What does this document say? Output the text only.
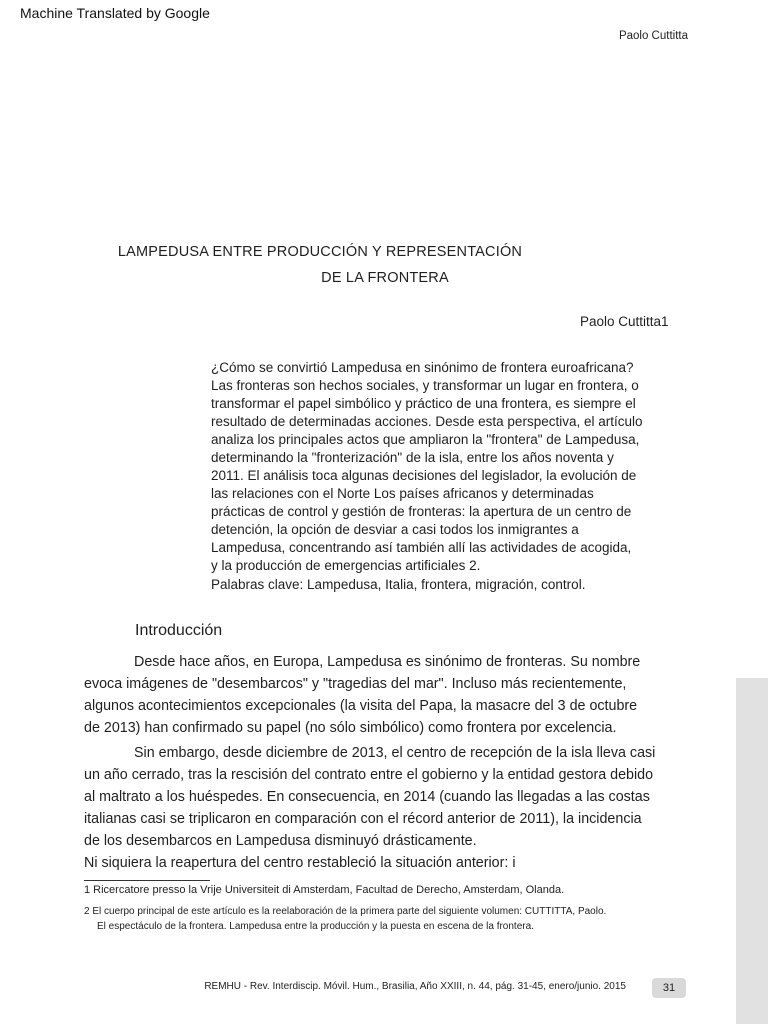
Machine Translated by Google
Paolo Cuttitta
LAMPEDUSA ENTRE PRODUCCIÓN Y REPRESENTACIÓN
DE LA FRONTERA
Paolo Cuttitta1
¿Cómo se convirtió Lampedusa en sinónimo de frontera euroafricana?
Las fronteras son hechos sociales, y transformar un lugar en frontera, o
transformar el papel simbólico y práctico de una frontera, es siempre el
resultado de determinadas acciones. Desde esta perspectiva, el artículo
analiza los principales actos que ampliaron la "frontera" de Lampedusa,
determinando la "fronterización" de la isla, entre los años noventa y
2011. El análisis toca algunas decisiones del legislador, la evolución de
las relaciones con el Norte Los países africanos y determinadas
prácticas de control y gestión de fronteras: la apertura de un centro de
detención, la opción de desviar a casi todos los inmigrantes a
Lampedusa, concentrando así también allí las actividades de acogida,
y la producción de emergencias artificiales 2.
Palabras clave: Lampedusa, Italia, frontera, migración, control.
Introducción
Desde hace años, en Europa, Lampedusa es sinónimo de fronteras. Su nombre
evoca imágenes de "desembarcos" y "tragedias del mar". Incluso más recientemente,
algunos acontecimientos excepcionales (la visita del Papa, la masacre del 3 de octubre
de 2013) han confirmado su papel (no sólo simbólico) como frontera por excelencia.
Sin embargo, desde diciembre de 2013, el centro de recepción de la isla lleva casi
un año cerrado, tras la rescisión del contrato entre el gobierno y la entidad gestora debido
al maltrato a los huéspedes. En consecuencia, en 2014 (cuando las llegadas a las costas
italianas casi se triplicaron en comparación con el récord anterior de 2011), la incidencia
de los desembarcos en Lampedusa disminuyó drásticamente.
Ni siquiera la reapertura del centro restableció la situación anterior: i
1 Ricercatore presso la Vrije Universiteit di Amsterdam, Facultad de Derecho, Amsterdam, Olanda.
2 El cuerpo principal de este artículo es la reelaboración de la primera parte del siguiente volumen: CUTTITTA, Paolo.
El espectáculo de la frontera. Lampedusa entre la producción y la puesta en escena de la frontera.
REMHU - Rev. Interdiscip. Móvil. Hum., Brasilia, Año XXIII, n. 44, pág. 31-45, enero/junio. 2015	31
